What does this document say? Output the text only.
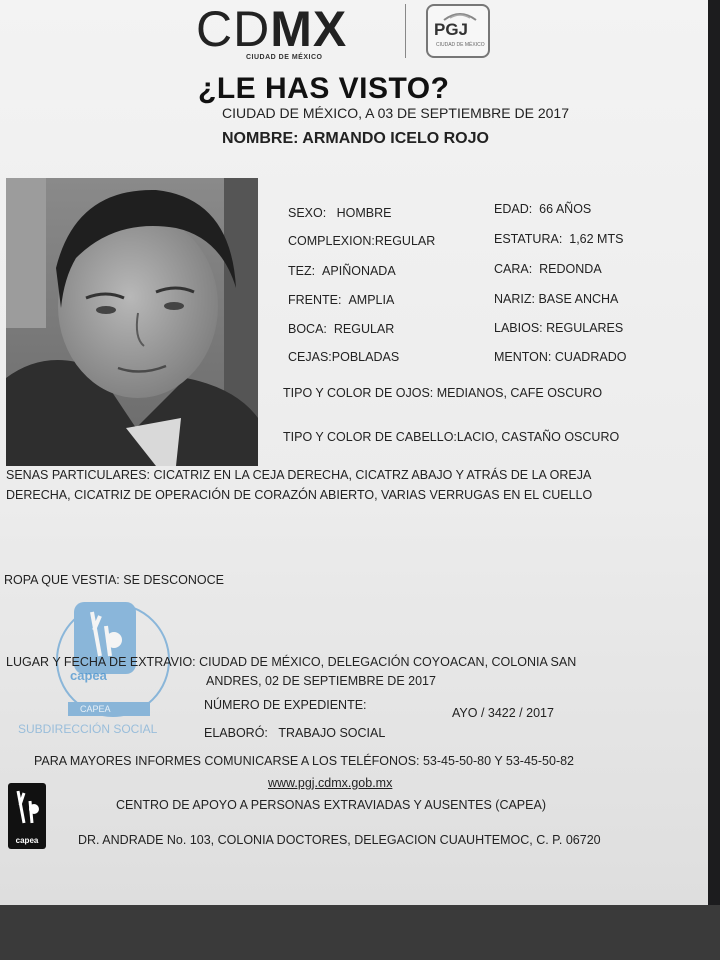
CDMX
CIUDAD DE MÉXICO
PGJ
CIUDAD DE MÉXICO
¿LE HAS VISTO?
CIUDAD DE MÉXICO, A 03 DE SEPTIEMBRE DE 2017
NOMBRE: ARMANDO ICELO ROJO
SEXO: HOMBRE
COMPLEXION:REGULAR
TEZ: APIÑONADA
FRENTE: AMPLIA
BOCA: REGULAR
CEJAS:POBLADAS
EDAD: 66 AÑOS
ESTATURA: 1,62 MTS
CARA: REDONDA
NARIZ: BASE ANCHA
LABIOS: REGULARES
MENTON: CUADRADO
TIPO Y COLOR DE OJOS: MEDIANOS, CAFE OSCURO
TIPO Y COLOR DE CABELLO:LACIO, CASTAÑO OSCURO
SENAS PARTICULARES: CICATRIZ EN LA CEJA DERECHA, CICATRZ ABAJO Y ATRÁS DE LA OREJA
DERECHA, CICATRIZ DE OPERACIÓN DE CORAZÓN ABIERTO, VARIAS VERRUGAS EN EL CUELLO
ROPA QUE VESTIA: SE DESCONOCE
capea
CAPEA
SUBDIRECCIÓN SOCIAL
LUGAR Y FECHA DE EXTRAVIO: CIUDAD DE MÉXICO, DELEGACIÓN COYOACAN, COLONIA SAN
ANDRES, 02 DE SEPTIEMBRE DE 2017
NÚMERO DE EXPEDIENTE:
AYO / 3422 / 2017
ELABORÓ: TRABAJO SOCIAL
PARA MAYORES INFORMES COMUNICARSE A LOS TELÉFONOS: 53-45-50-80 Y 53-45-50-82
www.pgj.cdmx.gob.mx
CENTRO DE APOYO A PERSONAS EXTRAVIADAS Y AUSENTES (CAPEA)
DR. ANDRADE No. 103, COLONIA DOCTORES, DELEGACION CUAUHTEMOC, C. P. 06720
capea
